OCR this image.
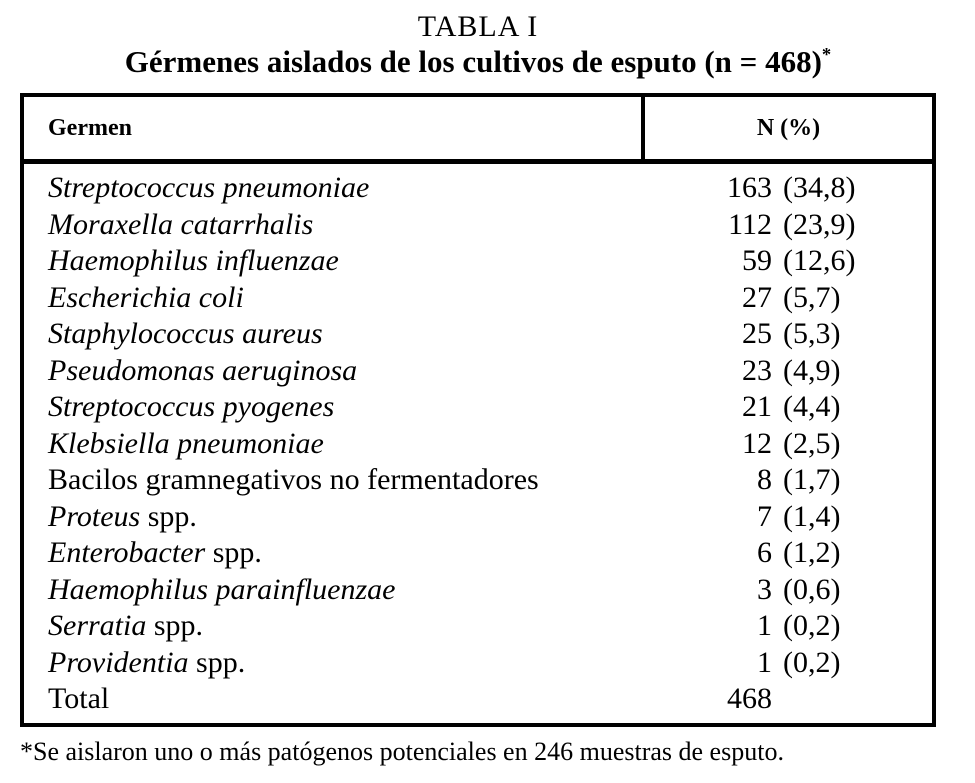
TABLA I
Gérmenes aislados de los cultivos de esputo (n = 468)*
Germen	N (%)
Streptococcus pneumoniae	163 (34,8)
Moraxella catarrhalis	112 (23,9)
Haemophilus influenzae	59 (12,6)
Escherichia coli	27 (5,7)
Staphylococcus aureus	25 (5,3)
Pseudomonas aeruginosa	23 (4,9)
Streptococcus pyogenes	21 (4,4)
Klebsiella pneumoniae	12 (2,5)
Bacilos gramnegativos no fermentadores	8 (1,7)
Proteus spp.	7 (1,4)
Enterobacter spp.	6 (1,2)
Haemophilus parainfluenzae	3 (0,6)
Serratia spp.	1 (0,2)
Providentia spp.	1 (0,2)
Total	468
*Se aislaron uno o más patógenos potenciales en 246 muestras de esputo.
